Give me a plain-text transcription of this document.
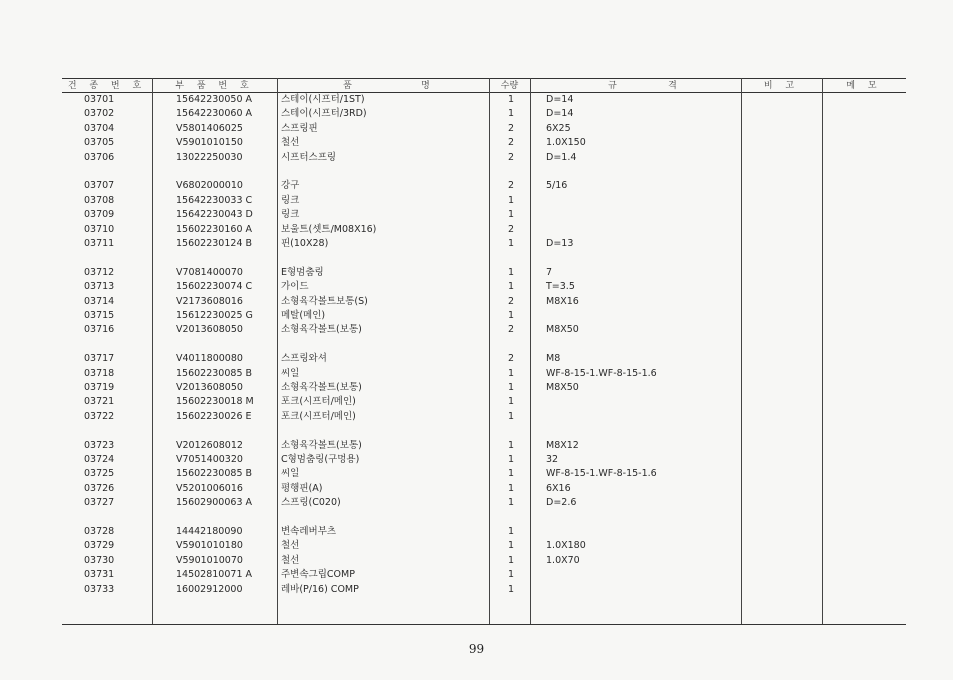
건 종 번 호	부 품 번 호	품	명	수량	규	격	비 고	메 모
03701	15642230050 A	스테이(시프터/1ST)	1	D=14
03702	15642230060 A	스테이(시프터/3RD)	1	D=14
03704	V5801406025	스프링핀	2	6X25
03705	V5901010150	철선	2	1.0X150
03706	13022250030	시프터스프링	2	D=1.4
03707	V6802000010	강구	2	5/16
03708	15642230033 C	링크	1
03709	15642230043 D	링크	1
03710	15602230160 A	보울트(셋트/M08X16)	2
03711	15602230124 B	핀(10X28)	1	D=13
03712	V7081400070	E형멈춤링	1	7
03713	15602230074 C	가이드	1	T=3.5
03714	V2173608016	소형육각볼트보통(S)	2	M8X16
03715	15612230025 G	메탈(메인)	1
03716	V2013608050	소형육각볼트(보통)	2	M8X50
03717	V4011800080	스프링와셔	2	M8
03718	15602230085 B	씨일	1	WF-8-15-1.WF-8-15-1.6
03719	V2013608050	소형육각볼트(보통)	1	M8X50
03721	15602230018 M	포크(시프터/메인)	1
03722	15602230026 E	포크(시프터/메인)	1
03723	V2012608012	소형육각볼트(보통)	1	M8X12
03724	V7051400320	C형멈춤링(구멍용)	1	32
03725	15602230085 B	씨일	1	WF-8-15-1.WF-8-15-1.6
03726	V5201006016	평행핀(A)	1	6X16
03727	15602900063 A	스프링(C020)	1	D=2.6
03728	14442180090	변속레버부츠	1
03729	V5901010180	철선	1	1.0X180
03730	V5901010070	철선	1	1.0X70
03731	14502810071 A	주변속그립COMP	1
03733	16002912000	레바(P/16) COMP	1
99
